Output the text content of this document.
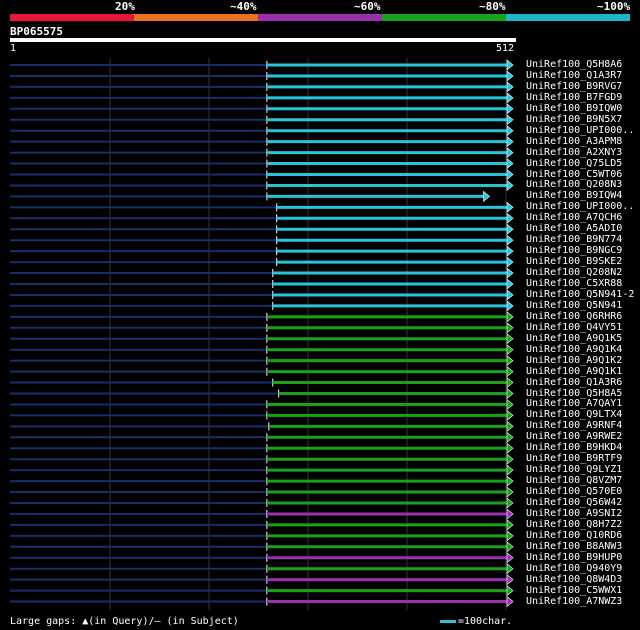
20%	~40%	~60%	~80%	~100%
BP065575
1	512
UniRef100_Q5H8A6
UniRef100_Q1A3R7
UniRef100_B9RVG7
UniRef100_B7FGD9
UniRef100_B9IQW0
UniRef100_B9N5X7
UniRef100_UPI000..
UniRef100_A3APM8
UniRef100_A2XNY3
UniRef100_Q75LD5
UniRef100_C5WT06
UniRef100_Q208N3
UniRef100_B9IQW4
UniRef100_UPI000..
UniRef100_A7QCH6
UniRef100_A5ADI0
UniRef100_B9N774
UniRef100_B9NGC9
UniRef100_B9SKE2
UniRef100_Q208N2
UniRef100_C5XR88
UniRef100_Q5N941-2
UniRef100_Q5N941
UniRef100_Q6RHR6
UniRef100_Q4VY51
UniRef100_A9Q1K5
UniRef100_A9Q1K4
UniRef100_A9Q1K2
UniRef100_A9Q1K1
UniRef100_Q1A3R6
UniRef100_Q5H8A5
UniRef100_A7QAY1
UniRef100_Q9LTX4
UniRef100_A9RNF4
UniRef100_A9RWE2
UniRef100_B9HKD4
UniRef100_B9RTF9
UniRef100_Q9LYZ1
UniRef100_Q8VZM7
UniRef100_Q570E0
UniRef100_Q56W42
UniRef100_A9SNI2
UniRef100_Q8H7Z2
UniRef100_Q10RD6
UniRef100_B8ANW3
UniRef100_B9HUP0
UniRef100_Q940Y9
UniRef100_Q8W4D3
UniRef100_C5WWX1
UniRef100_A7NWZ3
Large gaps: ▲(in Query)/— (in Subject)	=100char.
